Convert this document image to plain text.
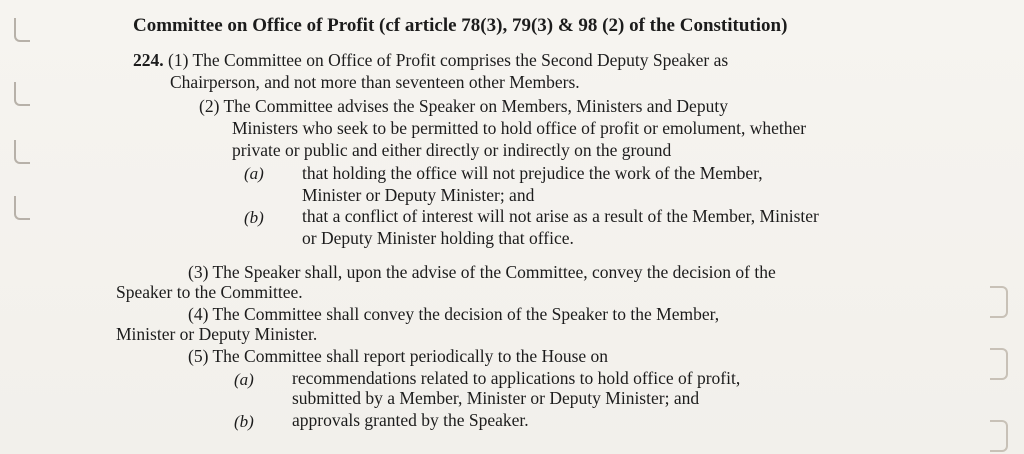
Committee on Office of Profit (cf article 78(3), 79(3) & 98 (2) of the Constitution)
224. (1) The Committee on Office of Profit comprises the Second Deputy Speaker as
Chairperson, and not more than seventeen other Members.
(2) The Committee advises the Speaker on Members, Ministers and Deputy
Ministers who seek to be permitted to hold office of profit or emolument, whether
private or public and either directly or indirectly on the ground
(a) that holding the office will not prejudice the work of the Member,
Minister or Deputy Minister; and
(b) that a conflict of interest will not arise as a result of the Member, Minister
or Deputy Minister holding that office.
(3) The Speaker shall, upon the advise of the Committee, convey the decision of the
Speaker to the Committee.
(4) The Committee shall convey the decision of the Speaker to the Member,
Minister or Deputy Minister.
(5) The Committee shall report periodically to the House on
(a) recommendations related to applications to hold office of profit,
submitted by a Member, Minister or Deputy Minister; and
(b) approvals granted by the Speaker.
